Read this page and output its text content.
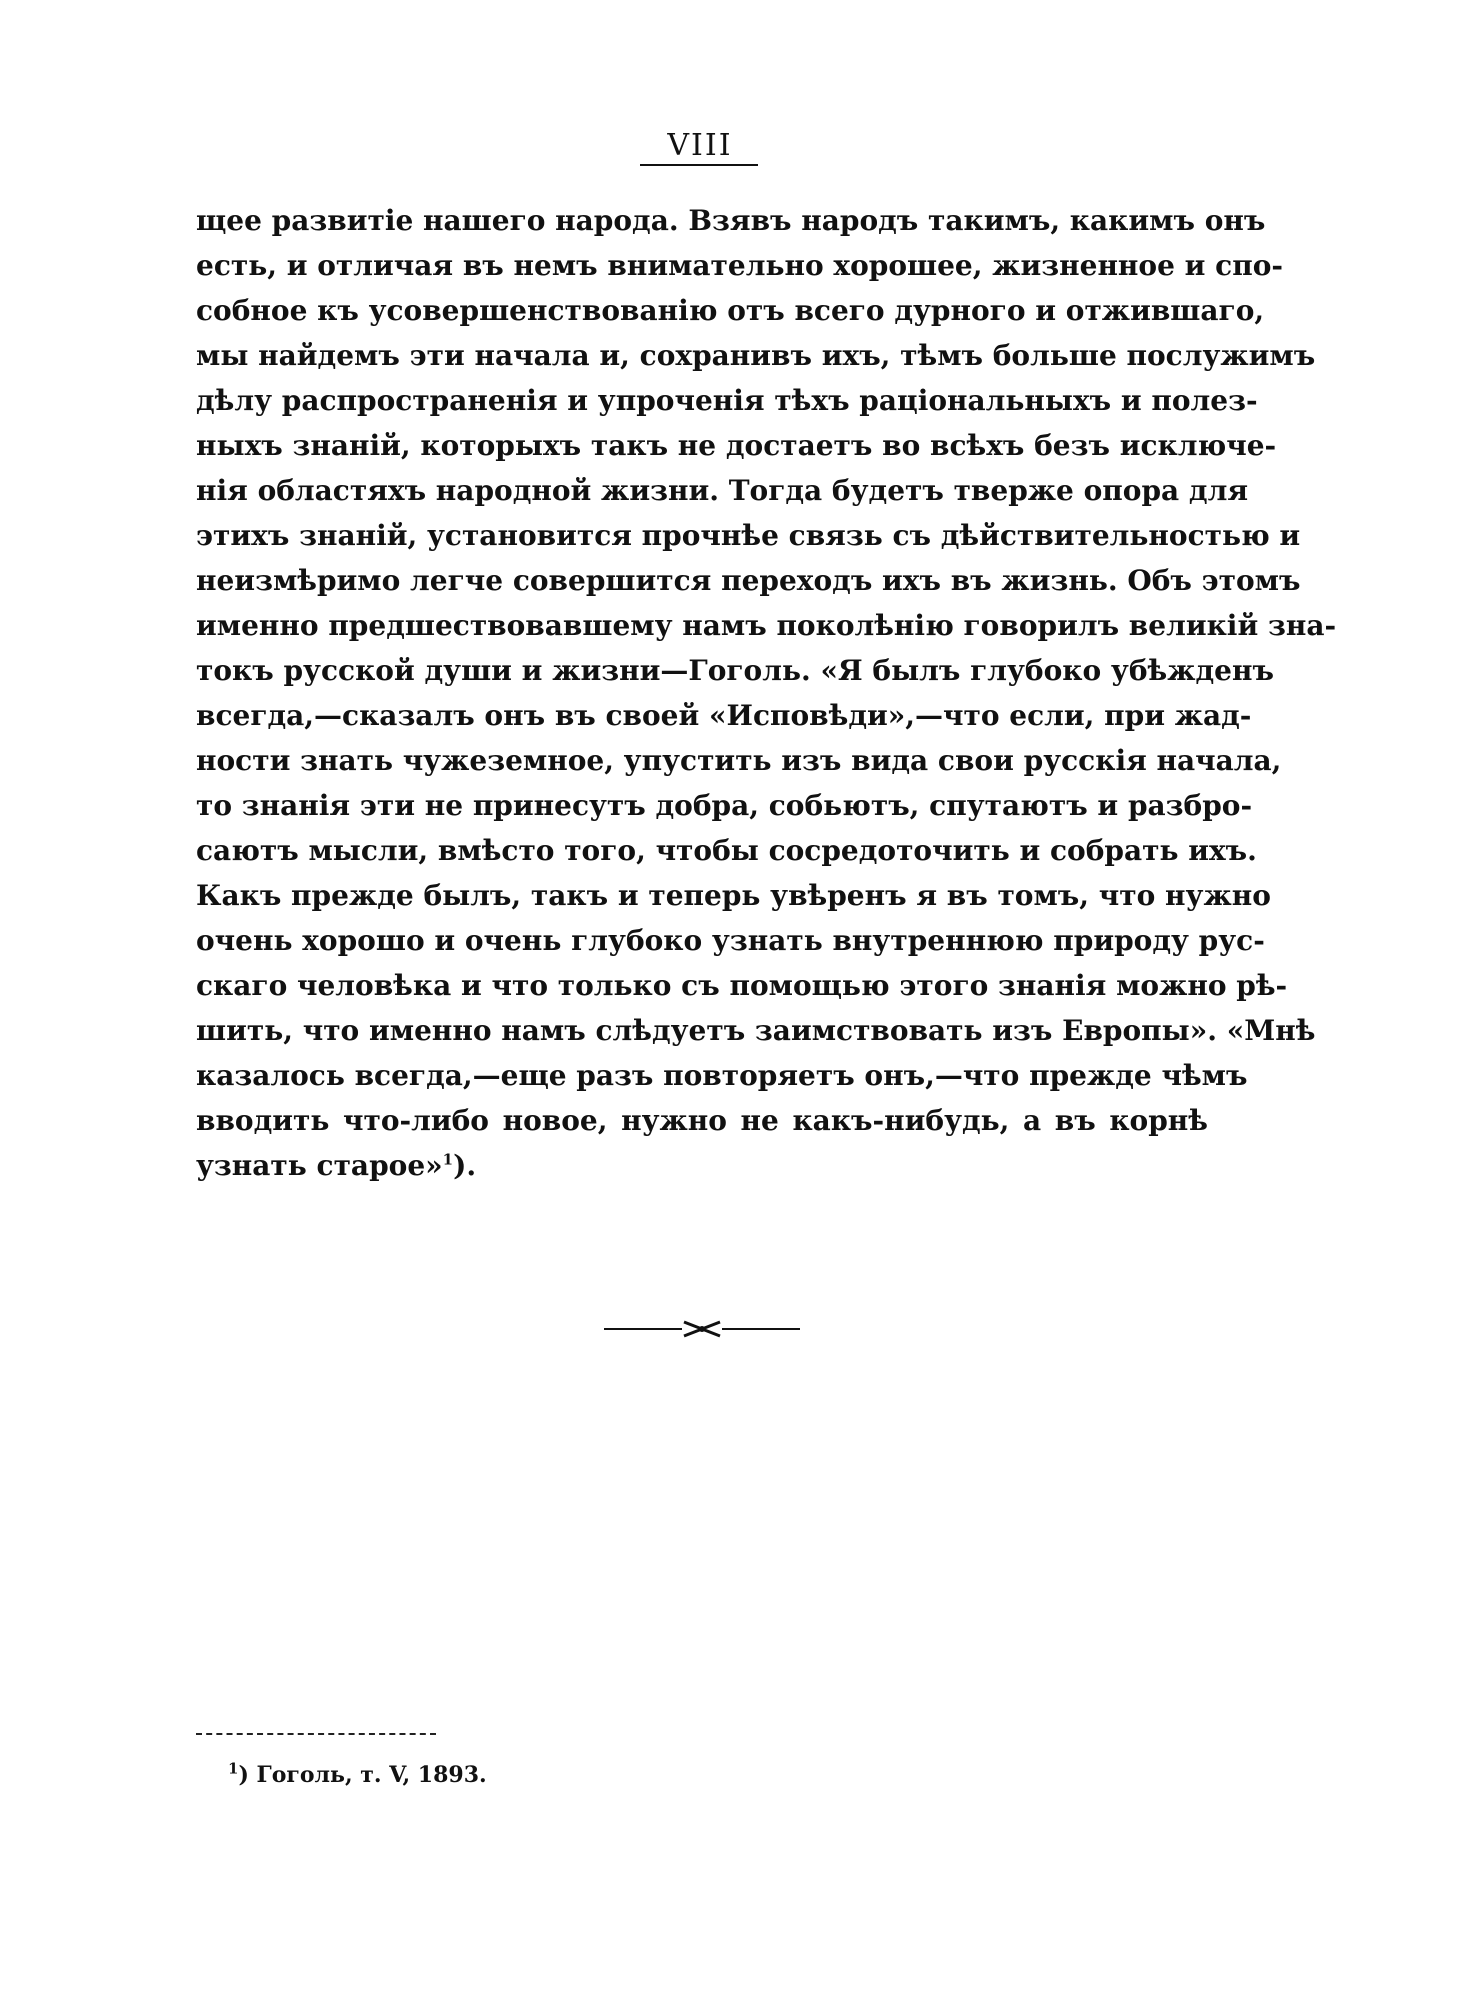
VIII
щее развитіе нашего народа. Взявъ народъ такимъ, какимъ онъ
есть, и отличая въ немъ внимательно хорошее, жизненное и спо-
собное къ усовершенствованію отъ всего дурного и отжившаго,
мы найдемъ эти начала и, сохранивъ ихъ, тѣмъ больше послужимъ
дѣлу распространенія и упроченія тѣхъ раціональныхъ и полез-
ныхъ знаній, которыхъ такъ не достаетъ во всѣхъ безъ исключе-
нія областяхъ народной жизни. Тогда будетъ тверже опора для
этихъ знаній, установится прочнѣе связь съ дѣйствительностью и
неизмѣримо легче совершится переходъ ихъ въ жизнь. Объ этомъ
именно предшествовавшему намъ поколѣнію говорилъ великій зна-
токъ русской души и жизни—Гоголь. «Я былъ глубоко убѣжденъ
всегда,—сказалъ онъ въ своей «Исповѣди»,—что если, при жад-
ности знать чужеземное, упустить изъ вида свои русскія начала,
то знанія эти не принесутъ добра, собьютъ, спутаютъ и разбро-
саютъ мысли, вмѣсто того, чтобы сосредоточить и собрать ихъ.
Какъ прежде былъ, такъ и теперь увѣренъ я въ томъ, что нужно
очень хорошо и очень глубоко узнать внутреннюю природу рус-
скаго человѣка и что только съ помощью этого знанія можно рѣ-
шить, что именно намъ слѣдуетъ заимствовать изъ Европы». «Мнѣ
казалось всегда,—еще разъ повторяетъ онъ,—что прежде чѣмъ
вводить что-либо новое, нужно не какъ-нибудь, а въ корнѣ
узнать старое»$^1$).
$^1$) Гоголь, т. V, 1893.
